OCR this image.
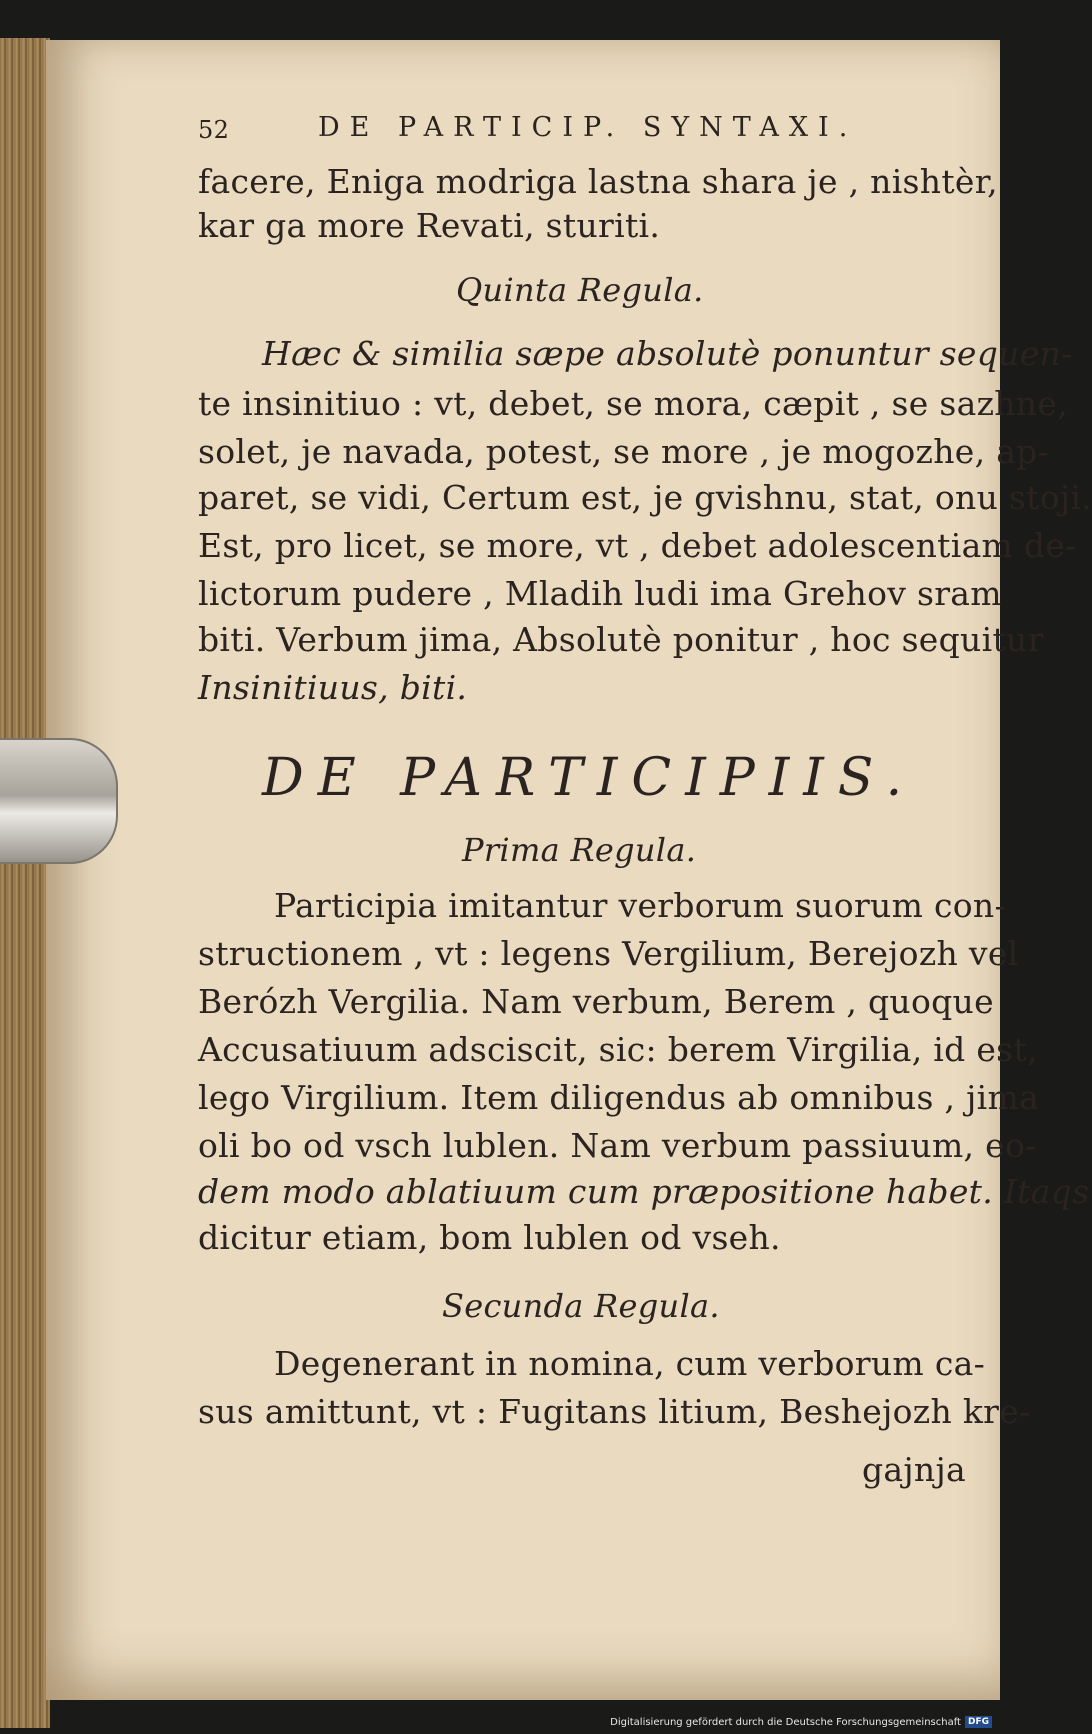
52	DE PARTICIP. SYNTAXI.
facere, Eniga modriga lastna shara je , nishtèr,
kar ga more Revati, sturiti.
Quinta Regula.
Hæc & similia sæpe absolutè ponuntur sequen-
te insinitiuo : vt, debet, se mora, cæpit , se sazhne,
solet, je navada, potest, se more , je mogozhe, ap-
paret, se vidi, Certum est, je gvishnu, stat, onu stoji.
Est, pro licet, se more, vt , debet adolescentiam de-
lictorum pudere , Mladih ludi ima Grehov sram
biti. Verbum jima, Absolutè ponitur , hoc sequitur
Insinitiuus, biti.
DE PARTICIPIIS.
Prima Regula.
Participia imitantur verborum suorum con-
structionem , vt : legens Vergilium, Berejozh vel
Berózh Vergilia. Nam verbum, Berem , quoque
Accusatiuum adsciscit, sic: berem Virgilia, id est,
lego Virgilium. Item diligendus ab omnibus , jima
oli bo od vsch lublen. Nam verbum passiuum, eo-
dem modo ablatiuum cum præpositione habet. Itaqs
dicitur etiam, bom lublen od vseh.
Secunda Regula.
Degenerant in nomina, cum verborum ca-
sus amittunt, vt : Fugitans litium, Beshejozh kre-
gajnja
Digitalisierung gefördert durch die Deutsche Forschungsgemeinschaft DFG
